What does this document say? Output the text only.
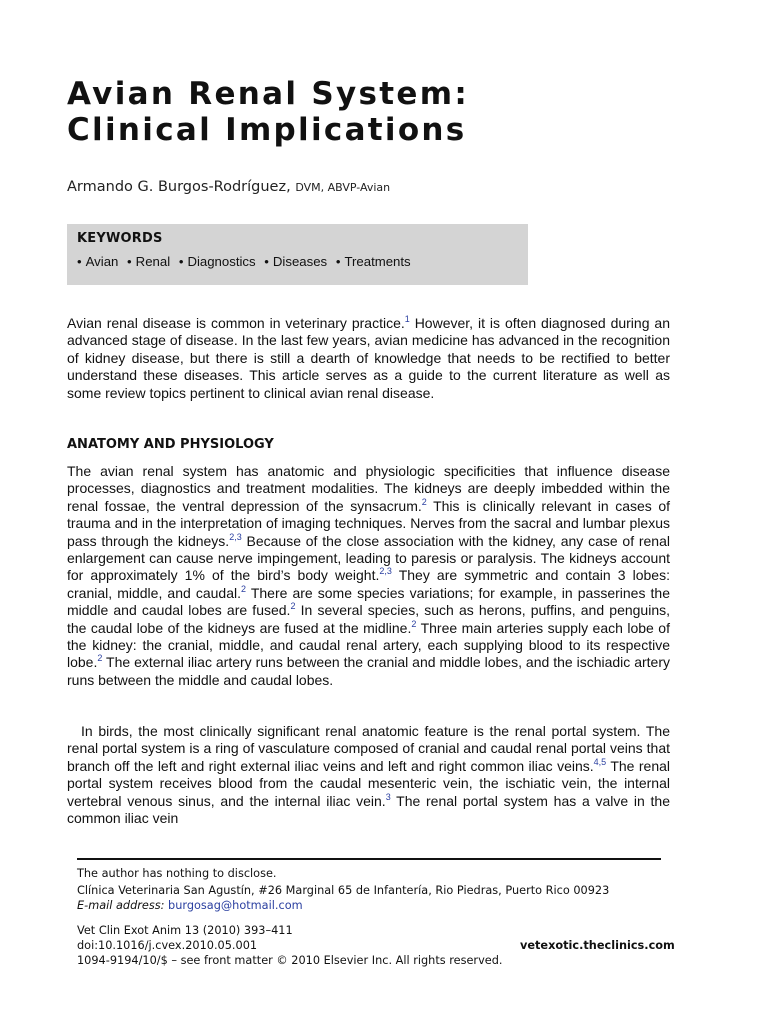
Avian Renal System:
Clinical Implications
Armando G. Burgos-Rodríguez, DVM, ABVP-Avian
KEYWORDS
• Avian • Renal • Diagnostics • Diseases • Treatments

Avian renal disease is common in veterinary practice.$^1$ However, it is often diagnosed during an advanced stage of disease. In the last few years, avian medicine has advanced in the recognition of kidney disease, but there is still a dearth of knowledge that needs to be rectified to better understand these diseases. This article serves as a guide to the current literature as well as some review topics pertinent to clinical avian renal disease.

ANATOMY AND PHYSIOLOGY

The avian renal system has anatomic and physiologic specificities that influence disease processes, diagnostics and treatment modalities. The kidneys are deeply imbedded within the renal fossae, the ventral depression of the synsacrum.$^2$ This is clinically relevant in cases of trauma and in the interpretation of imaging techniques. Nerves from the sacral and lumbar plexus pass through the kidneys.$^{2,3}$ Because of the close association with the kidney, any case of renal enlargement can cause nerve impingement, leading to paresis or paralysis. The kidneys account for approximately 1% of the bird’s body weight.$^{2,3}$ They are symmetric and contain 3 lobes: cranial, middle, and caudal.$^2$ There are some species variations; for example, in passerines the middle and caudal lobes are fused.$^2$ In several species, such as herons, puffins, and penguins, the caudal lobe of the kidneys are fused at the midline.$^2$ Three main arteries supply each lobe of the kidney: the cranial, middle, and caudal renal artery, each supplying blood to its respective lobe.$^2$ The external iliac artery runs between the cranial and middle lobes, and the ischiadic artery runs between the middle and caudal lobes.

In birds, the most clinically significant renal anatomic feature is the renal portal system. The renal portal system is a ring of vasculature composed of cranial and caudal renal portal veins that branch off the left and right external iliac veins and left and right common iliac veins.$^{4,5}$ The renal portal system receives blood from the caudal mesenteric vein, the ischiatic vein, the internal vertebral venous sinus, and the internal iliac vein.$^3$ The renal portal system has a valve in the common iliac vein

The author has nothing to disclose.
Clínica Veterinaria San Agustín, #26 Marginal 65 de Infantería, Rio Piedras, Puerto Rico 00923
E-mail address: burgosag@hotmail.com
Vet Clin Exot Anim 13 (2010) 393–411
doi:10.1016/j.cvex.2010.05.001	vetexotic.theclinics.com
1094-9194/10/$ – see front matter © 2010 Elsevier Inc. All rights reserved.
